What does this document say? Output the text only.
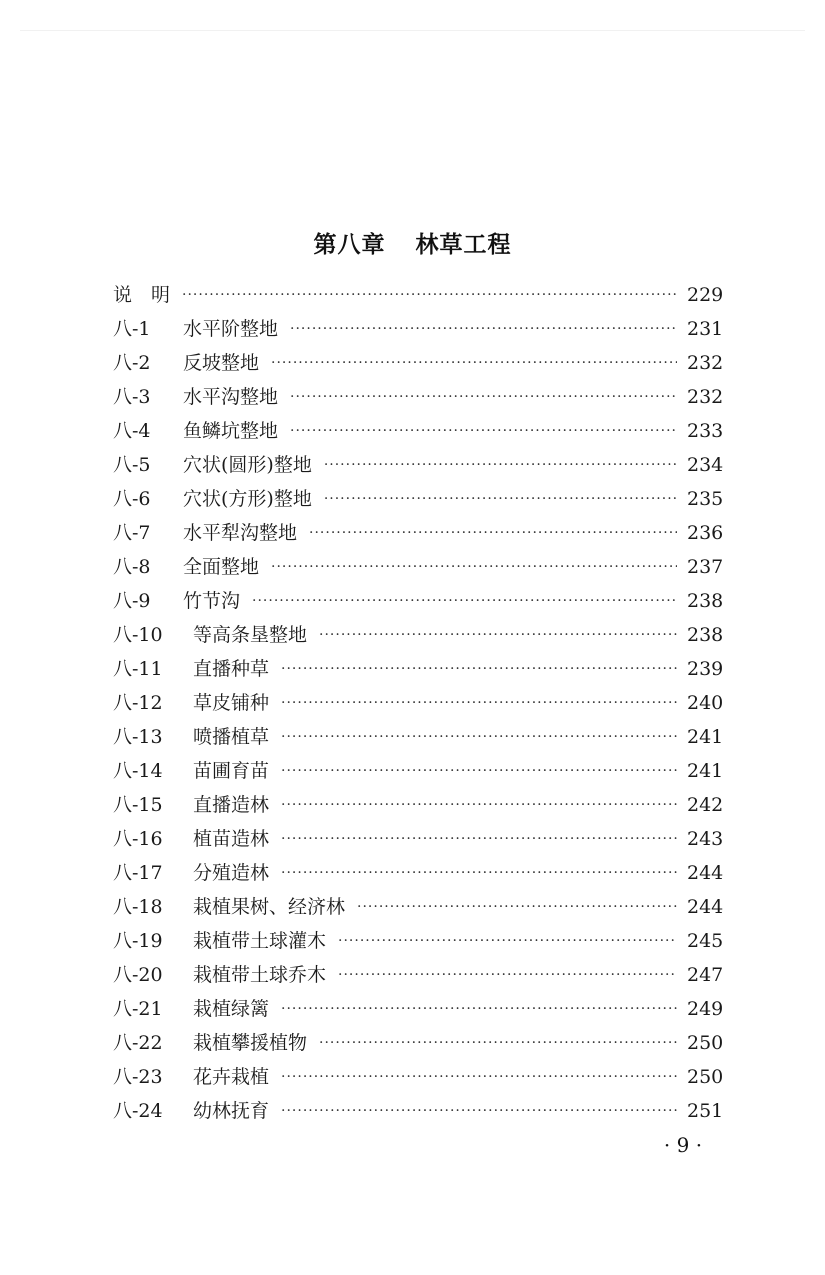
第八章 林草工程
说　明 ·····	229
八-1	水平阶整地 ·····	231
八-2	反坡整地 ·····	232
八-3	水平沟整地 ·····	232
八-4	鱼鳞坑整地 ·····	233
八-5	穴状(圆形)整地 ·····	234
八-6	穴状(方形)整地 ·····	235
八-7	水平犁沟整地 ·····	236
八-8	全面整地 ·····	237
八-9	竹节沟 ·····	238
八-10	等高条垦整地 ·····	238
八-11	直播种草 ·····	239
八-12	草皮铺种 ·····	240
八-13	喷播植草 ·····	241
八-14	苗圃育苗 ·····	241
八-15	直播造林 ·····	242
八-16	植苗造林 ·····	243
八-17	分殖造林 ·····	244
八-18	栽植果树、经济林 ·····	244
八-19	栽植带土球灌木 ·····	245
八-20	栽植带土球乔木 ·····	247
八-21	栽植绿篱 ·····	249
八-22	栽植攀援植物 ·····	250
八-23	花卉栽植 ·····	250
八-24	幼林抚育 ·····	251
· 9 ·
